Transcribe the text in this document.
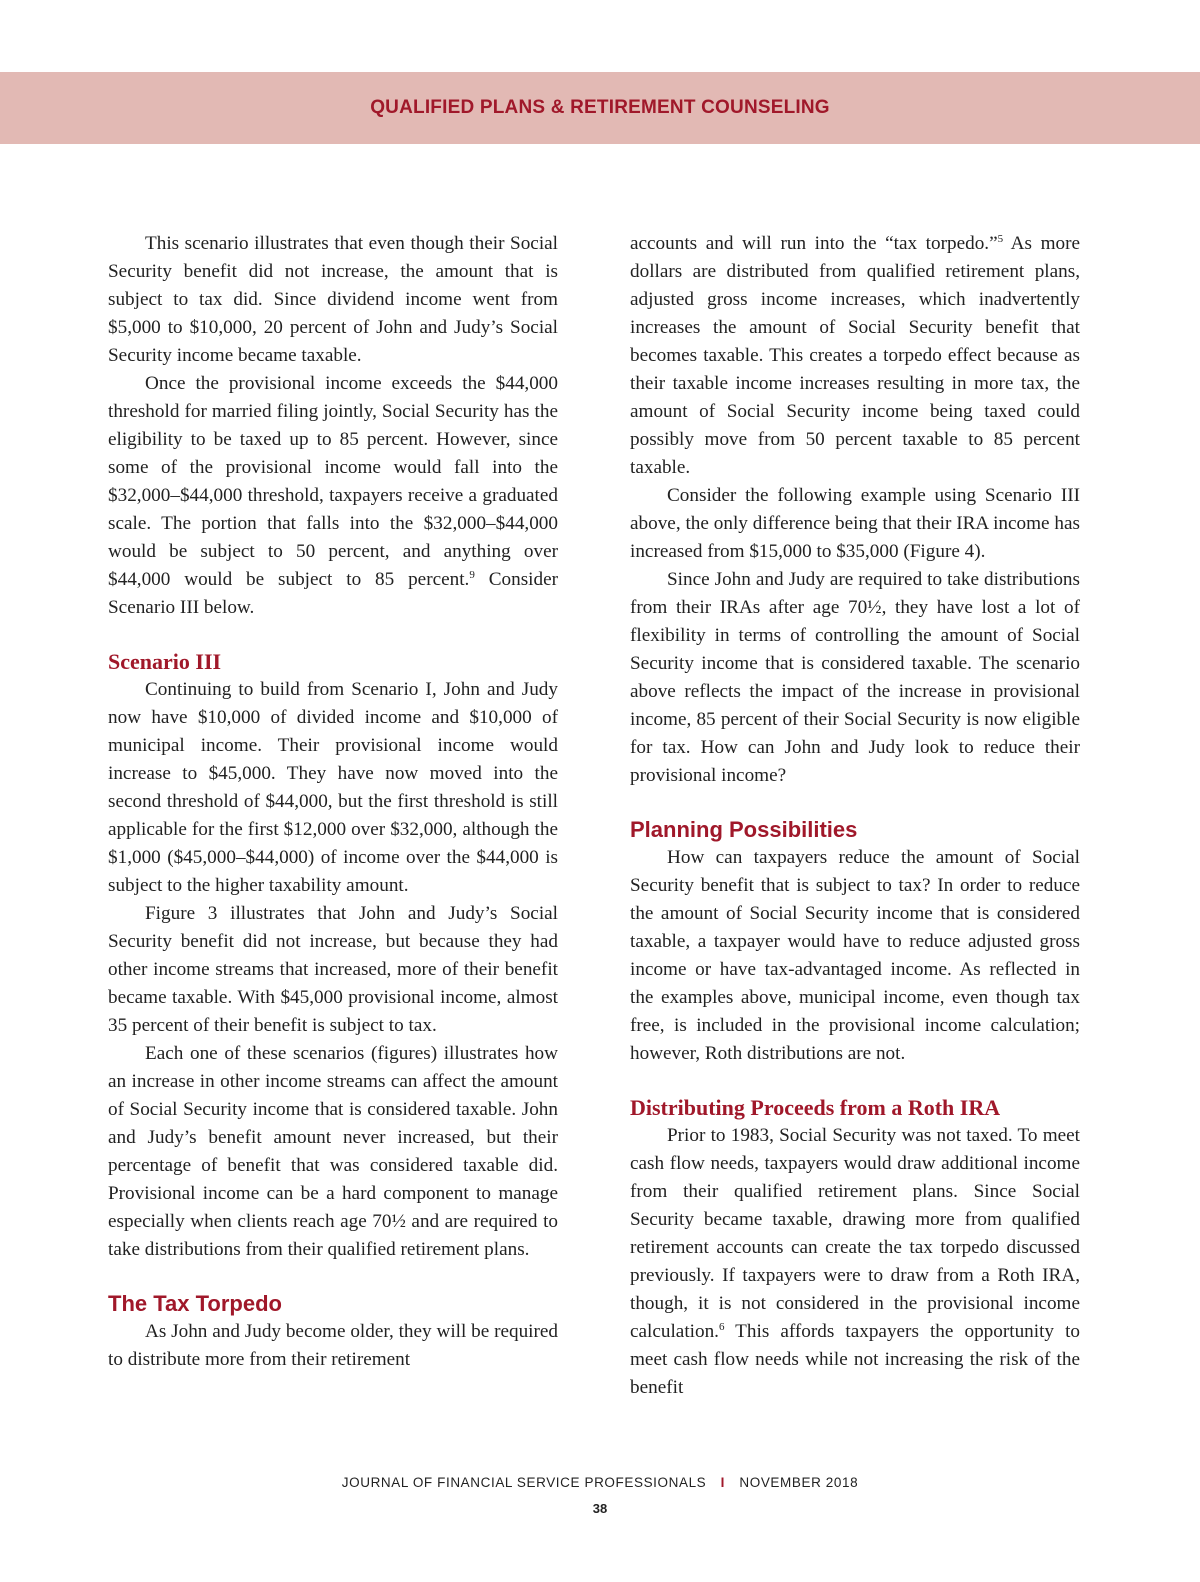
QUALIFIED PLANS & RETIREMENT COUNSELING

This scenario illustrates that even though their Social Security benefit did not increase, the amount that is subject to tax did. Since dividend income went from $5,000 to $10,000, 20 percent of John and Judy’s Social Security income became taxable.

Once the provisional income exceeds the $44,000 threshold for married filing jointly, Social Security has the eligibility to be taxed up to 85 percent. However, since some of the provisional income would fall into the $32,000–$44,000 threshold, taxpayers receive a graduated scale. The portion that falls into the $32,000–$44,000 would be subject to 50 percent, and anything over $44,000 would be subject to 85 percent.$^9$ Consider Scenario III below.

Scenario III

Continuing to build from Scenario I, John and Judy now have $10,000 of divided income and $10,000 of municipal income. Their provisional income would increase to $45,000. They have now moved into the second threshold of $44,000, but the first threshold is still applicable for the first $12,000 over $32,000, although the $1,000 ($45,000–$44,000) of income over the $44,000 is subject to the higher taxability amount.

Figure 3 illustrates that John and Judy’s Social Security benefit did not increase, but because they had other income streams that increased, more of their benefit became taxable. With $45,000 provisional income, almost 35 percent of their benefit is subject to tax.

Each one of these scenarios (figures) illustrates how an increase in other income streams can affect the amount of Social Security income that is considered taxable. John and Judy’s benefit amount never increased, but their percentage of benefit that was considered taxable did. Provisional income can be a hard component to manage especially when clients reach age 70½ and are required to take distributions from their qualified retirement plans.

The Tax Torpedo

As John and Judy become older, they will be required to distribute more from their retirement

accounts and will run into the “tax torpedo.”$^5$ As more dollars are distributed from qualified retirement plans, adjusted gross income increases, which inadvertently increases the amount of Social Security benefit that becomes taxable. This creates a torpedo effect because as their taxable income increases resulting in more tax, the amount of Social Security income being taxed could possibly move from 50 percent taxable to 85 percent taxable.

Consider the following example using Scenario III above, the only difference being that their IRA income has increased from $15,000 to $35,000 (Figure 4).

Since John and Judy are required to take distributions from their IRAs after age 70½, they have lost a lot of flexibility in terms of controlling the amount of Social Security income that is considered taxable. The scenario above reflects the impact of the increase in provisional income, 85 percent of their Social Security is now eligible for tax. How can John and Judy look to reduce their provisional income?

Planning Possibilities

How can taxpayers reduce the amount of Social Security benefit that is subject to tax? In order to reduce the amount of Social Security income that is considered taxable, a taxpayer would have to reduce adjusted gross income or have tax-advantaged income. As reflected in the examples above, municipal income, even though tax free, is included in the provisional income calculation; however, Roth distributions are not.

Distributing Proceeds from a Roth IRA

Prior to 1983, Social Security was not taxed. To meet cash flow needs, taxpayers would draw additional income from their qualified retirement plans. Since Social Security became taxable, drawing more from qualified retirement accounts can create the tax torpedo discussed previously. If taxpayers were to draw from a Roth IRA, though, it is not considered in the provisional income calculation.$^6$ This affords taxpayers the opportunity to meet cash flow needs while not increasing the risk of the benefit

JOURNAL OF FINANCIAL SERVICE PROFESSIONALS I NOVEMBER 2018
38
